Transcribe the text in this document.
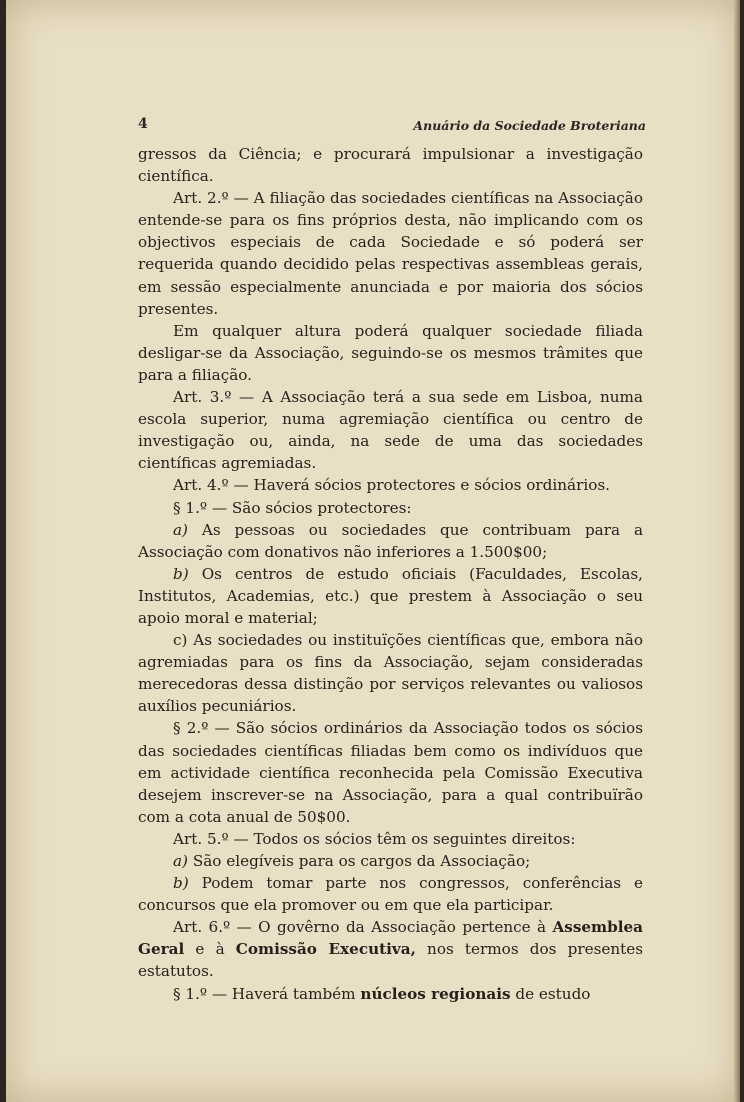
4	Anuário da Sociedade Broteriana

gressos da Ciência; e procurará impulsionar a investigação científica.

Art. 2.º — A filiação das sociedades científicas na Associação entende-se para os fins próprios desta, não implicando com os objectivos especiais de cada Sociedade e só poderá ser requerida quando decidido pelas respectivas assembleas gerais, em sessão especialmente anunciada e por maioria dos sócios presentes.

Em qualquer altura poderá qualquer sociedade filiada desligar-se da Associação, seguindo-se os mesmos trâmites que para a filiação.

Art. 3.º — A Associação terá a sua sede em Lisboa, numa escola superior, numa agremiação científica ou centro de investigação ou, ainda, na sede de uma das sociedades científicas agremiadas.

Art. 4.º — Haverá sócios protectores e sócios ordinários.

§ 1.º — São sócios protectores:

a) As pessoas ou sociedades que contribuam para a Associação com donativos não inferiores a 1.500$00;

b) Os centros de estudo oficiais (Faculdades, Escolas, Institutos, Academias, etc.) que prestem à Associação o seu apoio moral e material;

c) As sociedades ou instituïções científicas que, embora não agremiadas para os fins da Associação, sejam consideradas merecedoras dessa distinção por serviços relevantes ou valiosos auxílios pecuniários.

§ 2.º — São sócios ordinários da Associação todos os sócios das sociedades científicas filiadas bem como os indivíduos que em actividade científica reconhecida pela Comissão Executiva desejem inscrever-se na Associação, para a qual contribuïrão com a cota anual de 50$00.

Art. 5.º — Todos os sócios têm os seguintes direitos:

a) São elegíveis para os cargos da Associação;

b) Podem tomar parte nos congressos, conferências e concursos que ela promover ou em que ela participar.

Art. 6.º — O govêrno da Associação pertence à Assemblea Geral e à Comissão Executiva, nos termos dos presentes estatutos.

§ 1.º — Haverá também núcleos regionais de estudo
